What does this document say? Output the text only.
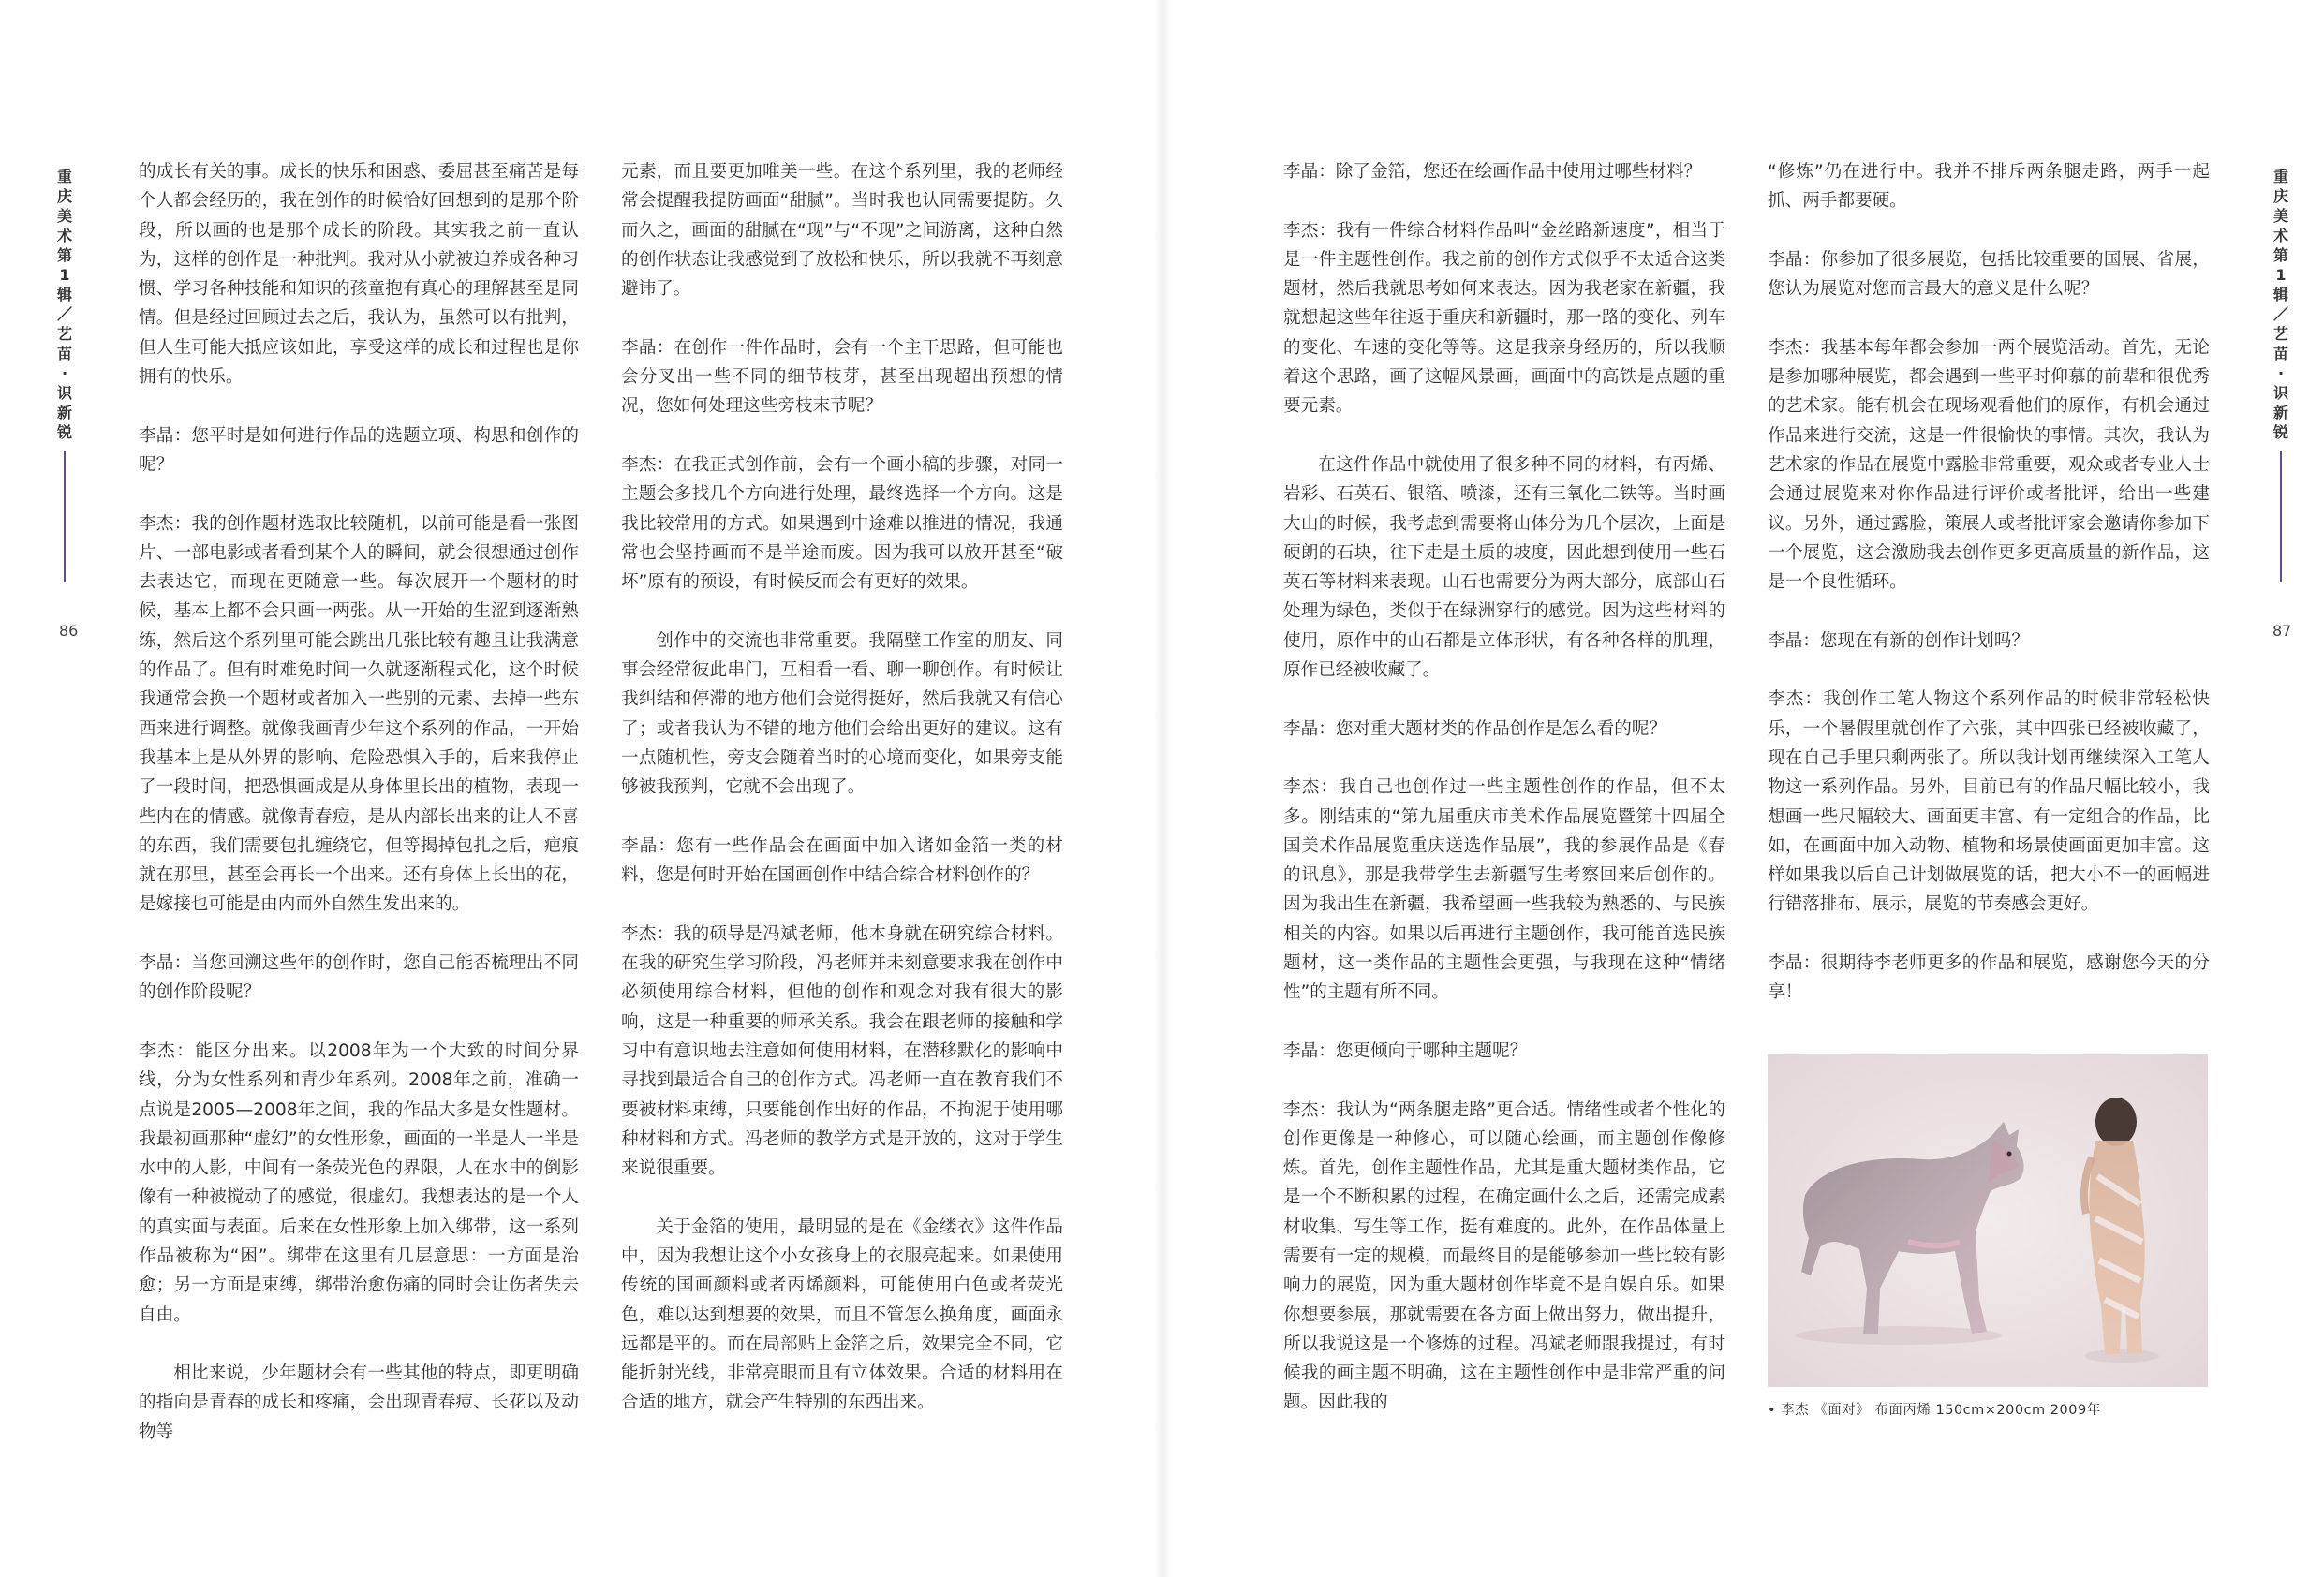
重
庆
美
术
第
1
辑
／
艺
苗
·
识
新
锐
86
重
庆
美
术
第
1
辑
／
艺
苗
·
识
新
锐
87

的成长有关的事。成长的快乐和困惑、委屈甚至痛苦是每个人都会经历的，我在创作的时候恰好回想到的是那个阶段，所以画的也是那个成长的阶段。其实我之前一直认为，这样的创作是一种批判。我对从小就被迫养成各种习惯、学习各种技能和知识的孩童抱有真心的理解甚至是同情。但是经过回顾过去之后，我认为，虽然可以有批判，但人生可能大抵应该如此，享受这样的成长和过程也是你拥有的快乐。

李晶：您平时是如何进行作品的选题立项、构思和创作的呢？

李杰：我的创作题材选取比较随机，以前可能是看一张图片、一部电影或者看到某个人的瞬间，就会很想通过创作去表达它，而现在更随意一些。每次展开一个题材的时候，基本上都不会只画一两张。从一开始的生涩到逐渐熟练，然后这个系列里可能会跳出几张比较有趣且让我满意的作品了。但有时难免时间一久就逐渐程式化，这个时候我通常会换一个题材或者加入一些别的元素、去掉一些东西来进行调整。就像我画青少年这个系列的作品，一开始我基本上是从外界的影响、危险恐惧入手的，后来我停止了一段时间，把恐惧画成是从身体里长出的植物，表现一些内在的情感。就像青春痘，是从内部长出来的让人不喜的东西，我们需要包扎缠绕它，但等揭掉包扎之后，疤痕就在那里，甚至会再长一个出来。还有身体上长出的花，是嫁接也可能是由内而外自然生发出来的。

李晶：当您回溯这些年的创作时，您自己能否梳理出不同的创作阶段呢？

李杰：能区分出来。以2008年为一个大致的时间分界线，分为女性系列和青少年系列。2008年之前，准确一点说是2005—2008年之间，我的作品大多是女性题材。我最初画那种“虚幻”的女性形象，画面的一半是人一半是水中的人影，中间有一条荧光色的界限，人在水中的倒影像有一种被搅动了的感觉，很虚幻。我想表达的是一个人的真实面与表面。后来在女性形象上加入绑带，这一系列作品被称为“困”。绑带在这里有几层意思：一方面是治愈；另一方面是束缚，绑带治愈伤痛的同时会让伤者失去自由。

相比来说，少年题材会有一些其他的特点，即更明确的指向是青春的成长和疼痛，会出现青春痘、长花以及动物等

元素，而且要更加唯美一些。在这个系列里，我的老师经常会提醒我提防画面“甜腻”。当时我也认同需要提防。久而久之，画面的甜腻在“现”与“不现”之间游离，这种自然的创作状态让我感觉到了放松和快乐，所以我就不再刻意避讳了。

李晶：在创作一件作品时，会有一个主干思路，但可能也会分叉出一些不同的细节枝芽，甚至出现超出预想的情况，您如何处理这些旁枝末节呢？

李杰：在我正式创作前，会有一个画小稿的步骤，对同一主题会多找几个方向进行处理，最终选择一个方向。这是我比较常用的方式。如果遇到中途难以推进的情况，我通常也会坚持画而不是半途而废。因为我可以放开甚至“破坏”原有的预设，有时候反而会有更好的效果。

创作中的交流也非常重要。我隔壁工作室的朋友、同事会经常彼此串门，互相看一看、聊一聊创作。有时候让我纠结和停滞的地方他们会觉得挺好，然后我就又有信心了；或者我认为不错的地方他们会给出更好的建议。这有一点随机性，旁支会随着当时的心境而变化，如果旁支能够被我预判，它就不会出现了。

李晶：您有一些作品会在画面中加入诸如金箔一类的材料，您是何时开始在国画创作中结合综合材料创作的？

李杰：我的硕导是冯斌老师，他本身就在研究综合材料。在我的研究生学习阶段，冯老师并未刻意要求我在创作中必须使用综合材料，但他的创作和观念对我有很大的影响，这是一种重要的师承关系。我会在跟老师的接触和学习中有意识地去注意如何使用材料，在潜移默化的影响中寻找到最适合自己的创作方式。冯老师一直在教育我们不要被材料束缚，只要能创作出好的作品，不拘泥于使用哪种材料和方式。冯老师的教学方式是开放的，这对于学生来说很重要。

关于金箔的使用，最明显的是在《金缕衣》这件作品中，因为我想让这个小女孩身上的衣服亮起来。如果使用传统的国画颜料或者丙烯颜料，可能使用白色或者荧光色，难以达到想要的效果，而且不管怎么换角度，画面永远都是平的。而在局部贴上金箔之后，效果完全不同，它能折射光线，非常亮眼而且有立体效果。合适的材料用在合适的地方，就会产生特别的东西出来。

李晶：除了金箔，您还在绘画作品中使用过哪些材料？

李杰：我有一件综合材料作品叫“金丝路新速度”，相当于是一件主题性创作。我之前的创作方式似乎不太适合这类题材，然后我就思考如何来表达。因为我老家在新疆，我就想起这些年往返于重庆和新疆时，那一路的变化、列车的变化、车速的变化等等。这是我亲身经历的，所以我顺着这个思路，画了这幅风景画，画面中的高铁是点题的重要元素。

在这件作品中就使用了很多种不同的材料，有丙烯、岩彩、石英石、银箔、喷漆，还有三氧化二铁等。当时画大山的时候，我考虑到需要将山体分为几个层次，上面是硬朗的石块，往下走是土质的坡度，因此想到使用一些石英石等材料来表现。山石也需要分为两大部分，底部山石处理为绿色，类似于在绿洲穿行的感觉。因为这些材料的使用，原作中的山石都是立体形状，有各种各样的肌理，原作已经被收藏了。

李晶：您对重大题材类的作品创作是怎么看的呢？

李杰：我自己也创作过一些主题性创作的作品，但不太多。刚结束的“第九届重庆市美术作品展览暨第十四届全国美术作品展览重庆送选作品展”，我的参展作品是《春的讯息》，那是我带学生去新疆写生考察回来后创作的。因为我出生在新疆，我希望画一些我较为熟悉的、与民族相关的内容。如果以后再进行主题创作，我可能首选民族题材，这一类作品的主题性会更强，与我现在这种“情绪性”的主题有所不同。

李晶：您更倾向于哪种主题呢？

李杰：我认为“两条腿走路”更合适。情绪性或者个性化的创作更像是一种修心，可以随心绘画，而主题创作像修炼。首先，创作主题性作品，尤其是重大题材类作品，它是一个不断积累的过程，在确定画什么之后，还需完成素材收集、写生等工作，挺有难度的。此外，在作品体量上需要有一定的规模，而最终目的是能够参加一些比较有影响力的展览，因为重大题材创作毕竟不是自娱自乐。如果你想要参展，那就需要在各方面上做出努力，做出提升，所以我说这是一个修炼的过程。冯斌老师跟我提过，有时候我的画主题不明确，这在主题性创作中是非常严重的问题。因此我的

“修炼”仍在进行中。我并不排斥两条腿走路，两手一起抓、两手都要硬。

李晶：你参加了很多展览，包括比较重要的国展、省展，您认为展览对您而言最大的意义是什么呢？

李杰：我基本每年都会参加一两个展览活动。首先，无论是参加哪种展览，都会遇到一些平时仰慕的前辈和很优秀的艺术家。能有机会在现场观看他们的原作，有机会通过作品来进行交流，这是一件很愉快的事情。其次，我认为艺术家的作品在展览中露脸非常重要，观众或者专业人士会通过展览来对你作品进行评价或者批评，给出一些建议。另外，通过露脸，策展人或者批评家会邀请你参加下一个展览，这会激励我去创作更多更高质量的新作品，这是一个良性循环。

李晶：您现在有新的创作计划吗？

李杰：我创作工笔人物这个系列作品的时候非常轻松快乐，一个暑假里就创作了六张，其中四张已经被收藏了，现在自己手里只剩两张了。所以我计划再继续深入工笔人物这一系列作品。另外，目前已有的作品尺幅比较小，我想画一些尺幅较大、画面更丰富、有一定组合的作品，比如，在画面中加入动物、植物和场景使画面更加丰富。这样如果我以后自己计划做展览的话，把大小不一的画幅进行错落排布、展示，展览的节奏感会更好。

李晶：很期待李老师更多的作品和展览，感谢您今天的分享！

• 李杰 《面对》 布面丙烯 150cm×200cm 2009年
